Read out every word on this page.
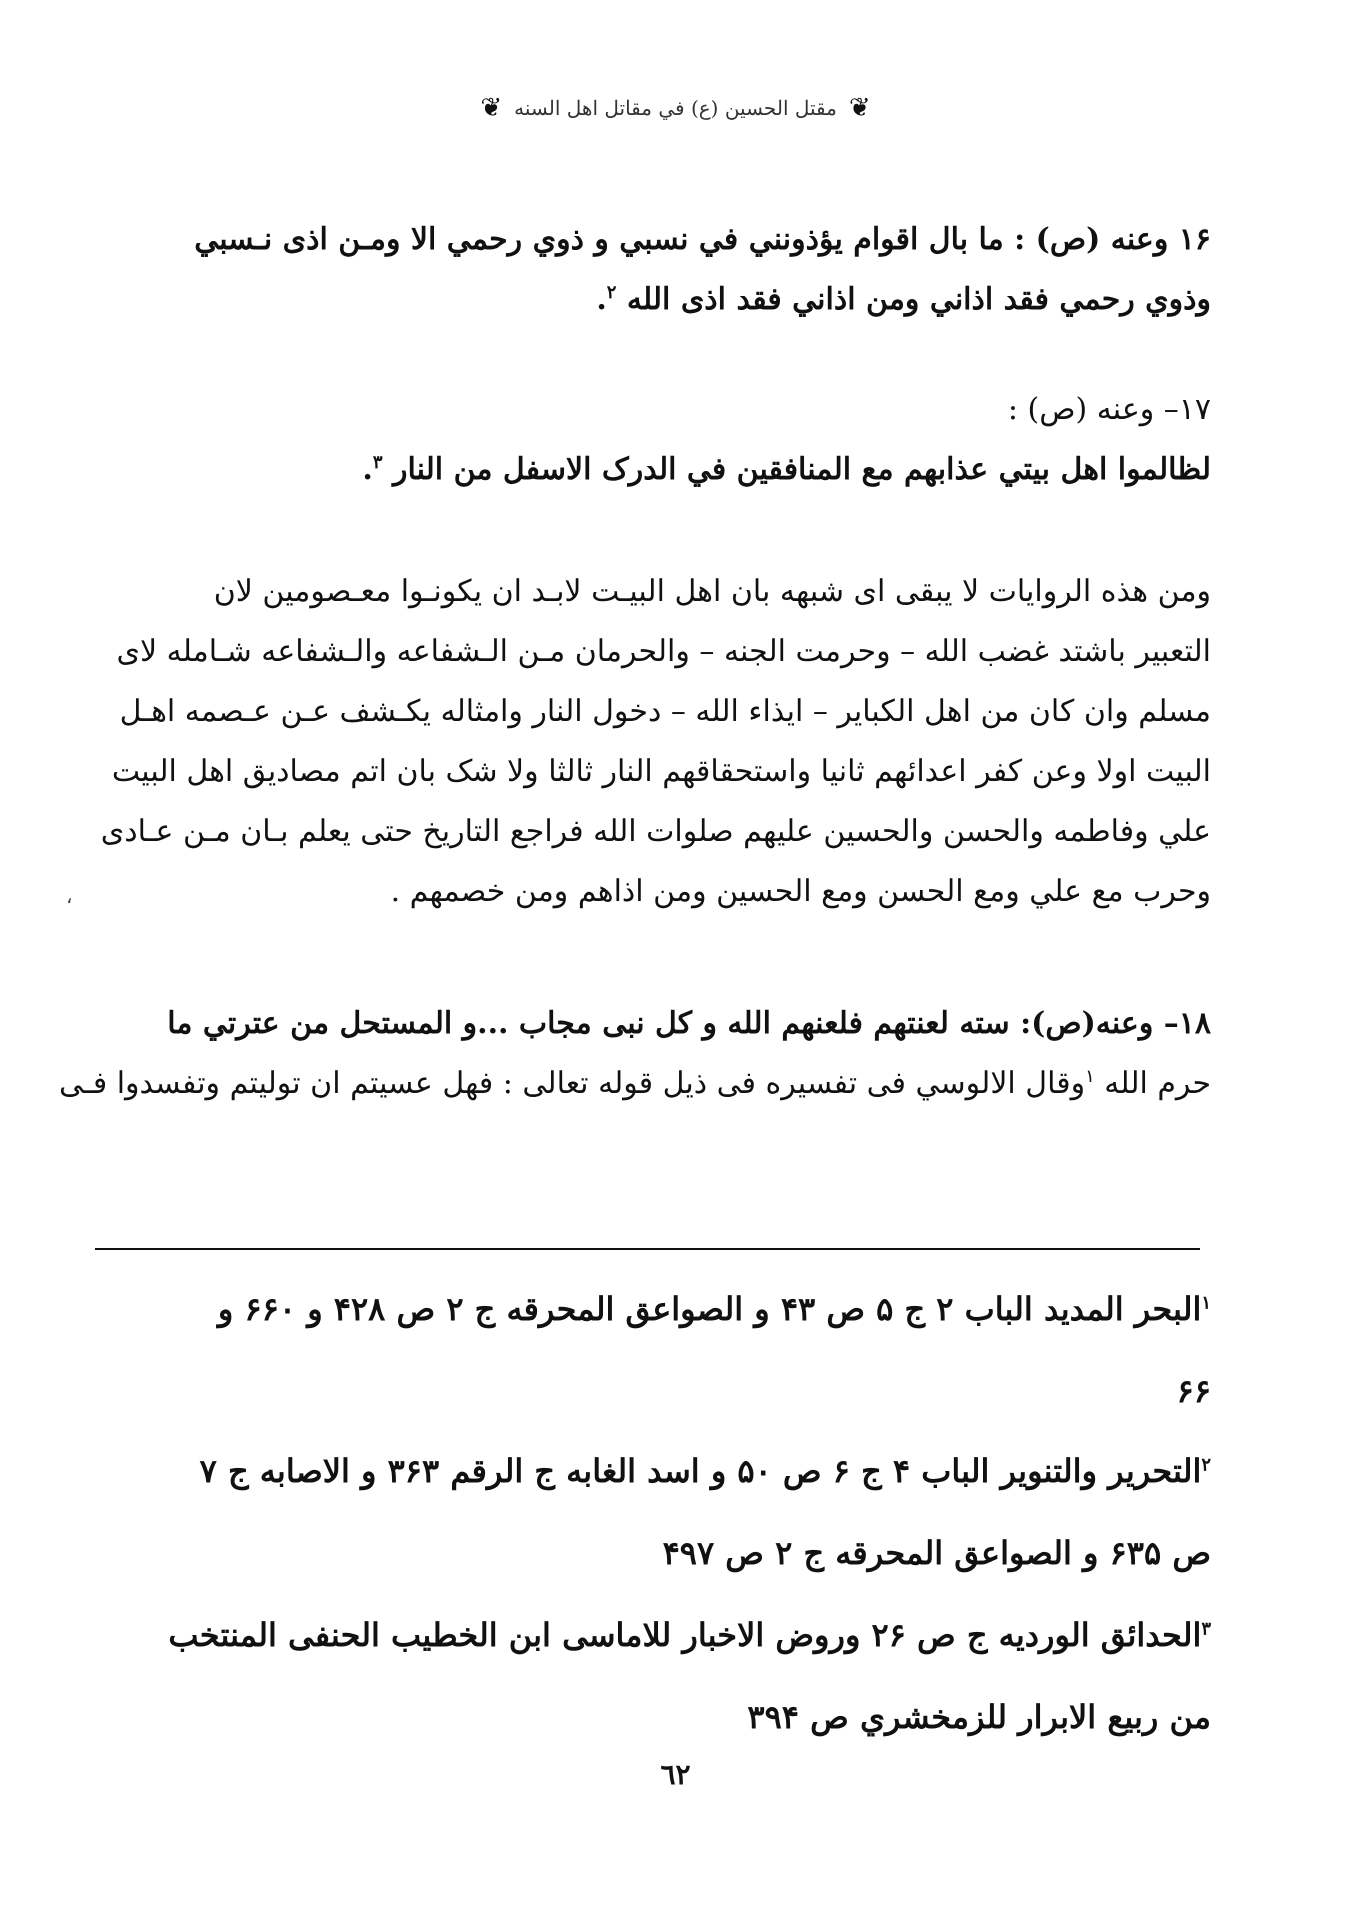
❦
مقتل الحسين (ع) في مقاتل اهل السنه
❦
١۶ وعنه (ص) : ما بال اقوام يؤذونني في نسبي و ذوي رحمي الا ومـن اذى نـسبي
وذوي رحمي فقد اذاني ومن اذاني فقد اذى الله $^٢$.
١٧– وعنه (ص) :
لظالموا اهل بيتي عذابهم مع المنافقين في الدرک الاسفل من النار $^٣$.
ومن هذه الروايات لا يبقى اى شبهه بان اهل البيـت لابـد ان يكونـوا معـصومين لان
التعبير باشتد غضب الله – وحرمت الجنه – والحرمان مـن الـشفاعه والـشفاعه شـامله لاى
مسلم وان كان من اهل الكباير – ايذاء الله – دخول النار وامثاله يكـشف عـن عـصمه اهـل
البيت اولا وعن كفر اعدائهم ثانيا واستحقاقهم النار ثالثا ولا شک بان اتم مصاديق اهل البيت
علي وفاطمه والحسن والحسين عليهم صلوات الله فراجع التاريخ حتى يعلم بـان مـن عـادى
وحرب مع علي ومع الحسن ومع الحسين ومن اذاهم ومن خصمهم .
،
١٨– وعنه(ص): سته لعنتهم فلعنهم الله و كل نبى مجاب ...و المستحل من عترتي ما
حرم الله $^١$وقال الالوسي فى تفسيره فى ذيل قوله تعالى : فهل عسيتم ان توليتم وتفسدوا فـى
$^١$البحر المديد الباب ٢ ج ۵ ص ۴٣ و الصواعق المحرقه ج ٢ ص ۴٢٨ و ۶۶٠ و
۶۶
$^٢$التحرير والتنوير الباب ۴ ج ۶ ص ۵٠ و اسد الغابه ج الرقم ٣۶٣ و الاصابه ج ٧
ص ۶٣۵ و الصواعق المحرقه ج ٢ ص ۴٩٧
$^٣$الحدائق الورديه ج ص ٢۶ وروض الاخبار للاماسى ابن الخطيب الحنفى المنتخب
من ربيع الابرار للزمخشري ص ٣٩۴
٦٢
